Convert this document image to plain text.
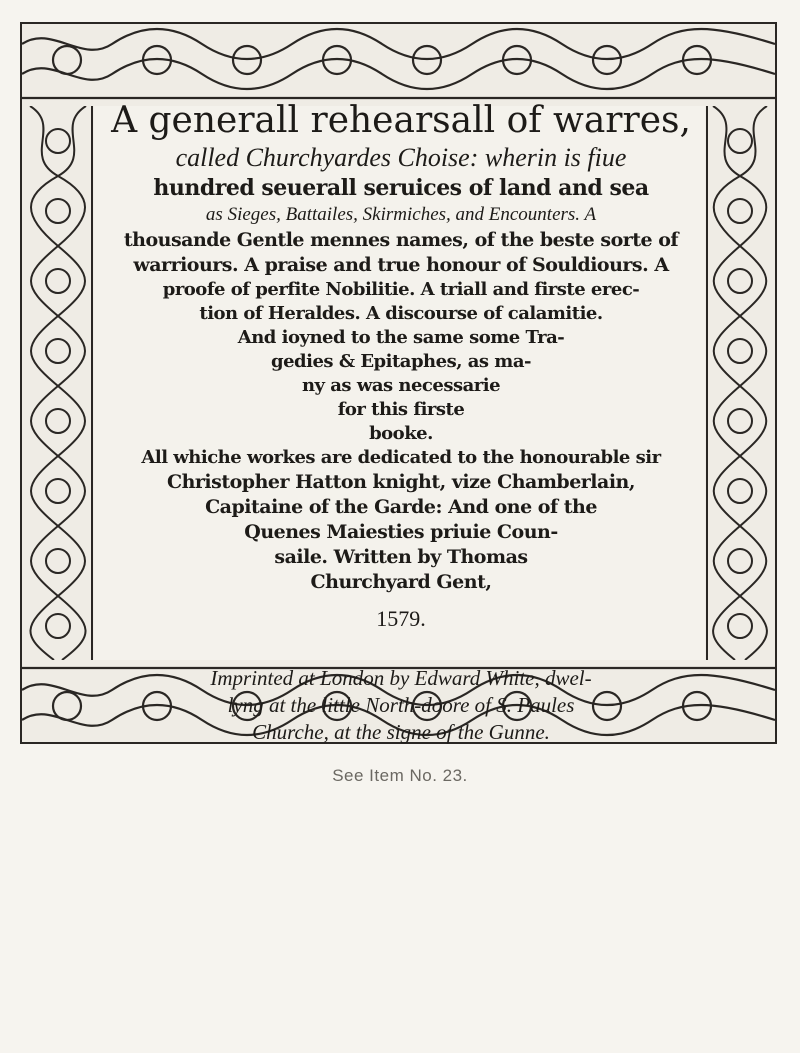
A generall rehearsall of warres,
called Churchyardes Choise: wherin is fiue
hundred seuerall seruices of land and sea
as Sieges, Battailes, Skirmiches, and Encounters. A
thousande Gentle mennes names, of the beste sorte of
warriours. A praise and true honour of Souldiours. A
proofe of perfite Nobilitie. A triall and firste erec-
tion of Heraldes. A discourse of calamitie.
And ioyned to the same some Tra-
gedies & Epitaphes, as ma-
ny as was necessarie
for this firste
booke.
All whiche workes are dedicated to the honourable sir
Christopher Hatton knight, vize Chamberlain,
Capitaine of the Garde: And one of the
Quenes Maiesties priuie Coun-
saile. Written by Thomas
Churchyard Gent,
1579.
Imprinted at London by Edward White, dwel-
lyng at the little North-doore of S. Paules
Churche, at the signe of the Gunne.
See Item No. 23.
